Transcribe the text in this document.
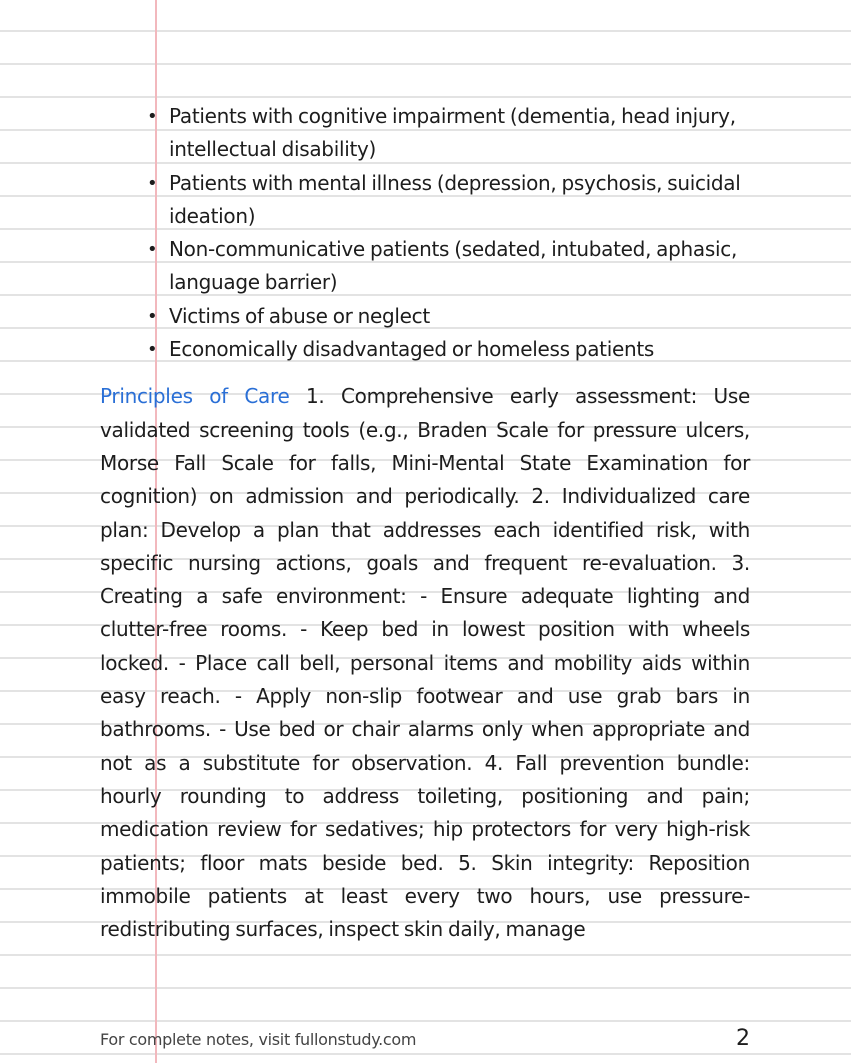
• Patients with cognitive impairment (dementia, head injury, intellectual disability)
• Patients with mental illness (depression, psychosis, suicidal ideation)
• Non-communicative patients (sedated, intubated, aphasic, language barrier)
• Victims of abuse or neglect
• Economically disadvantaged or homeless patients

Principles of Care 1. Comprehensive early assessment: Use validated screening tools (e.g., Braden Scale for pressure ulcers, Morse Fall Scale for falls, Mini-Mental State Examination for cognition) on admission and periodically. 2. Individualized care plan: Develop a plan that addresses each identified risk, with specific nursing actions, goals and frequent re-evaluation. 3. Creating a safe environment: - Ensure adequate lighting and clutter-free rooms. - Keep bed in lowest position with wheels locked. - Place call bell, personal items and mobility aids within easy reach. - Apply non-slip footwear and use grab bars in bathrooms. - Use bed or chair alarms only when appropriate and not as a substitute for observation. 4. Fall prevention bundle: hourly rounding to address toileting, positioning and pain; medication review for sedatives; hip protectors for very high-risk patients; floor mats beside bed. 5. Skin integrity: Reposition immobile patients at least every two hours, use pressure-redistributing surfaces, inspect skin daily, manage

For complete notes, visit fullonstudy.com	2
